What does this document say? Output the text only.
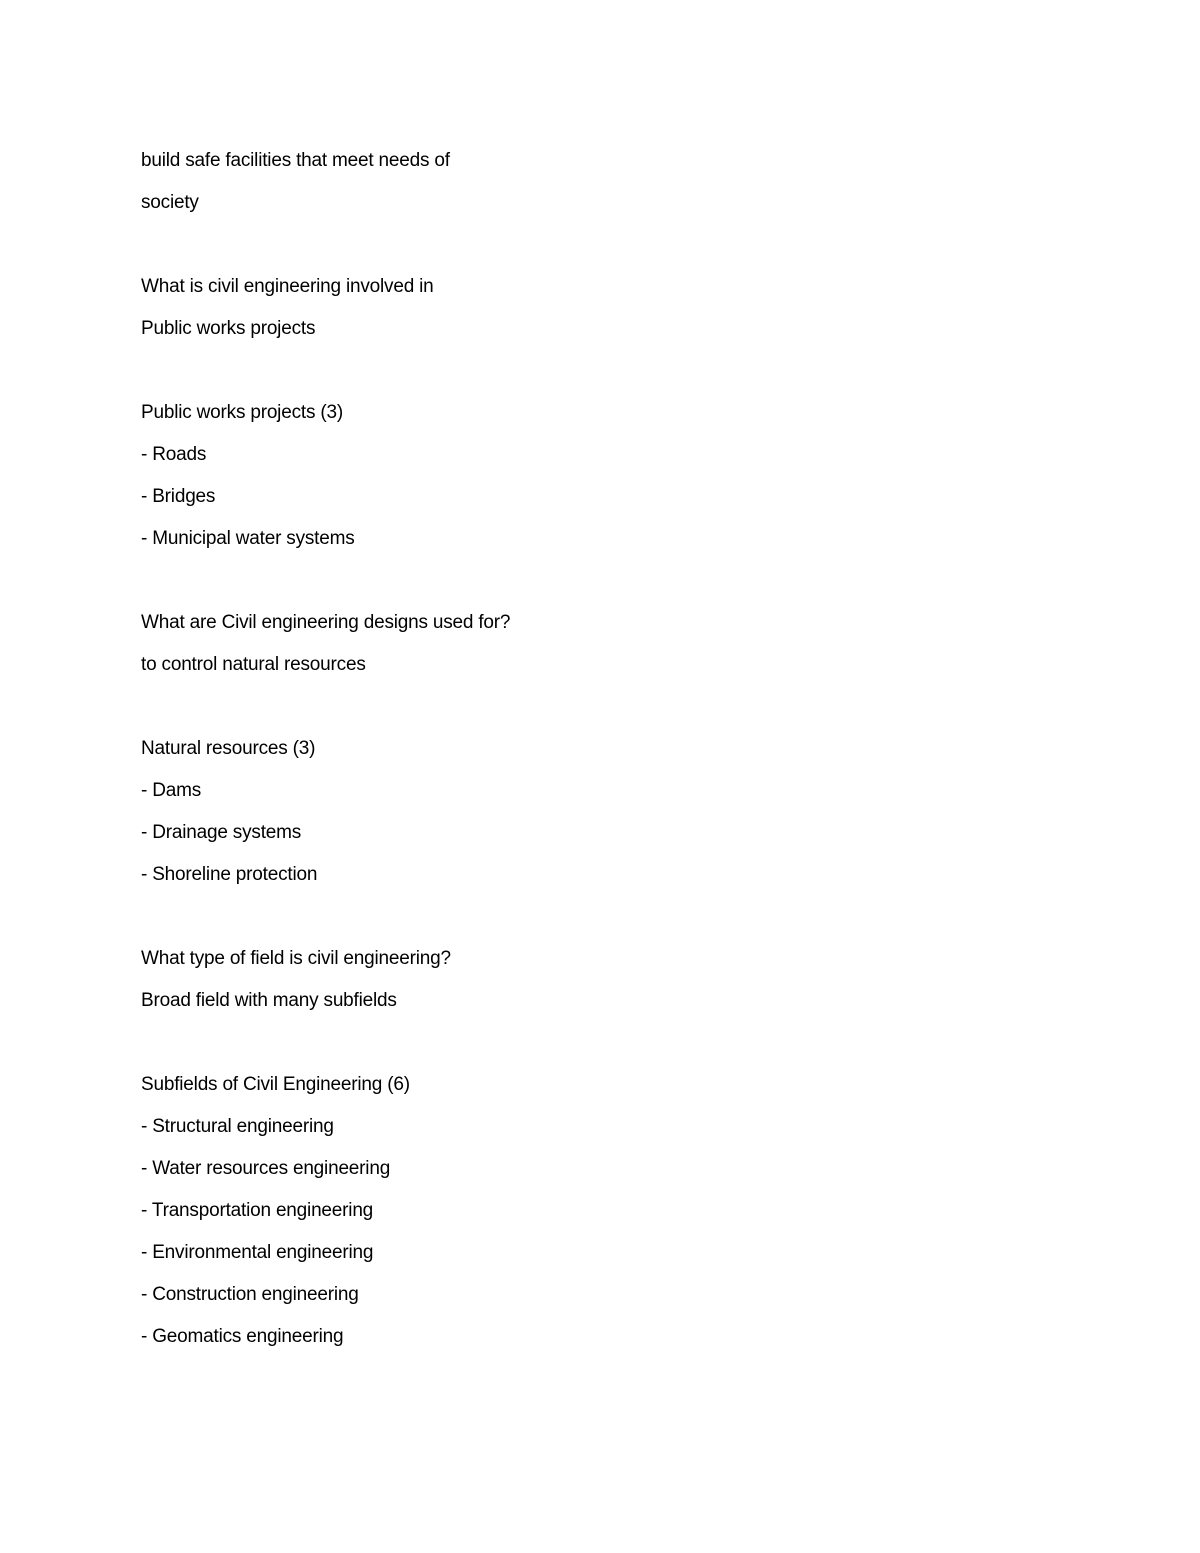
build safe facilities that meet needs of
society
What is civil engineering involved in
Public works projects
Public works projects (3)
- Roads
- Bridges
- Municipal water systems
What are Civil engineering designs used for?
to control natural resources
Natural resources (3)
- Dams
- Drainage systems
- Shoreline protection
What type of field is civil engineering?
Broad field with many subfields
Subfields of Civil Engineering (6)
- Structural engineering
- Water resources engineering
- Transportation engineering
- Environmental engineering
- Construction engineering
- Geomatics engineering
